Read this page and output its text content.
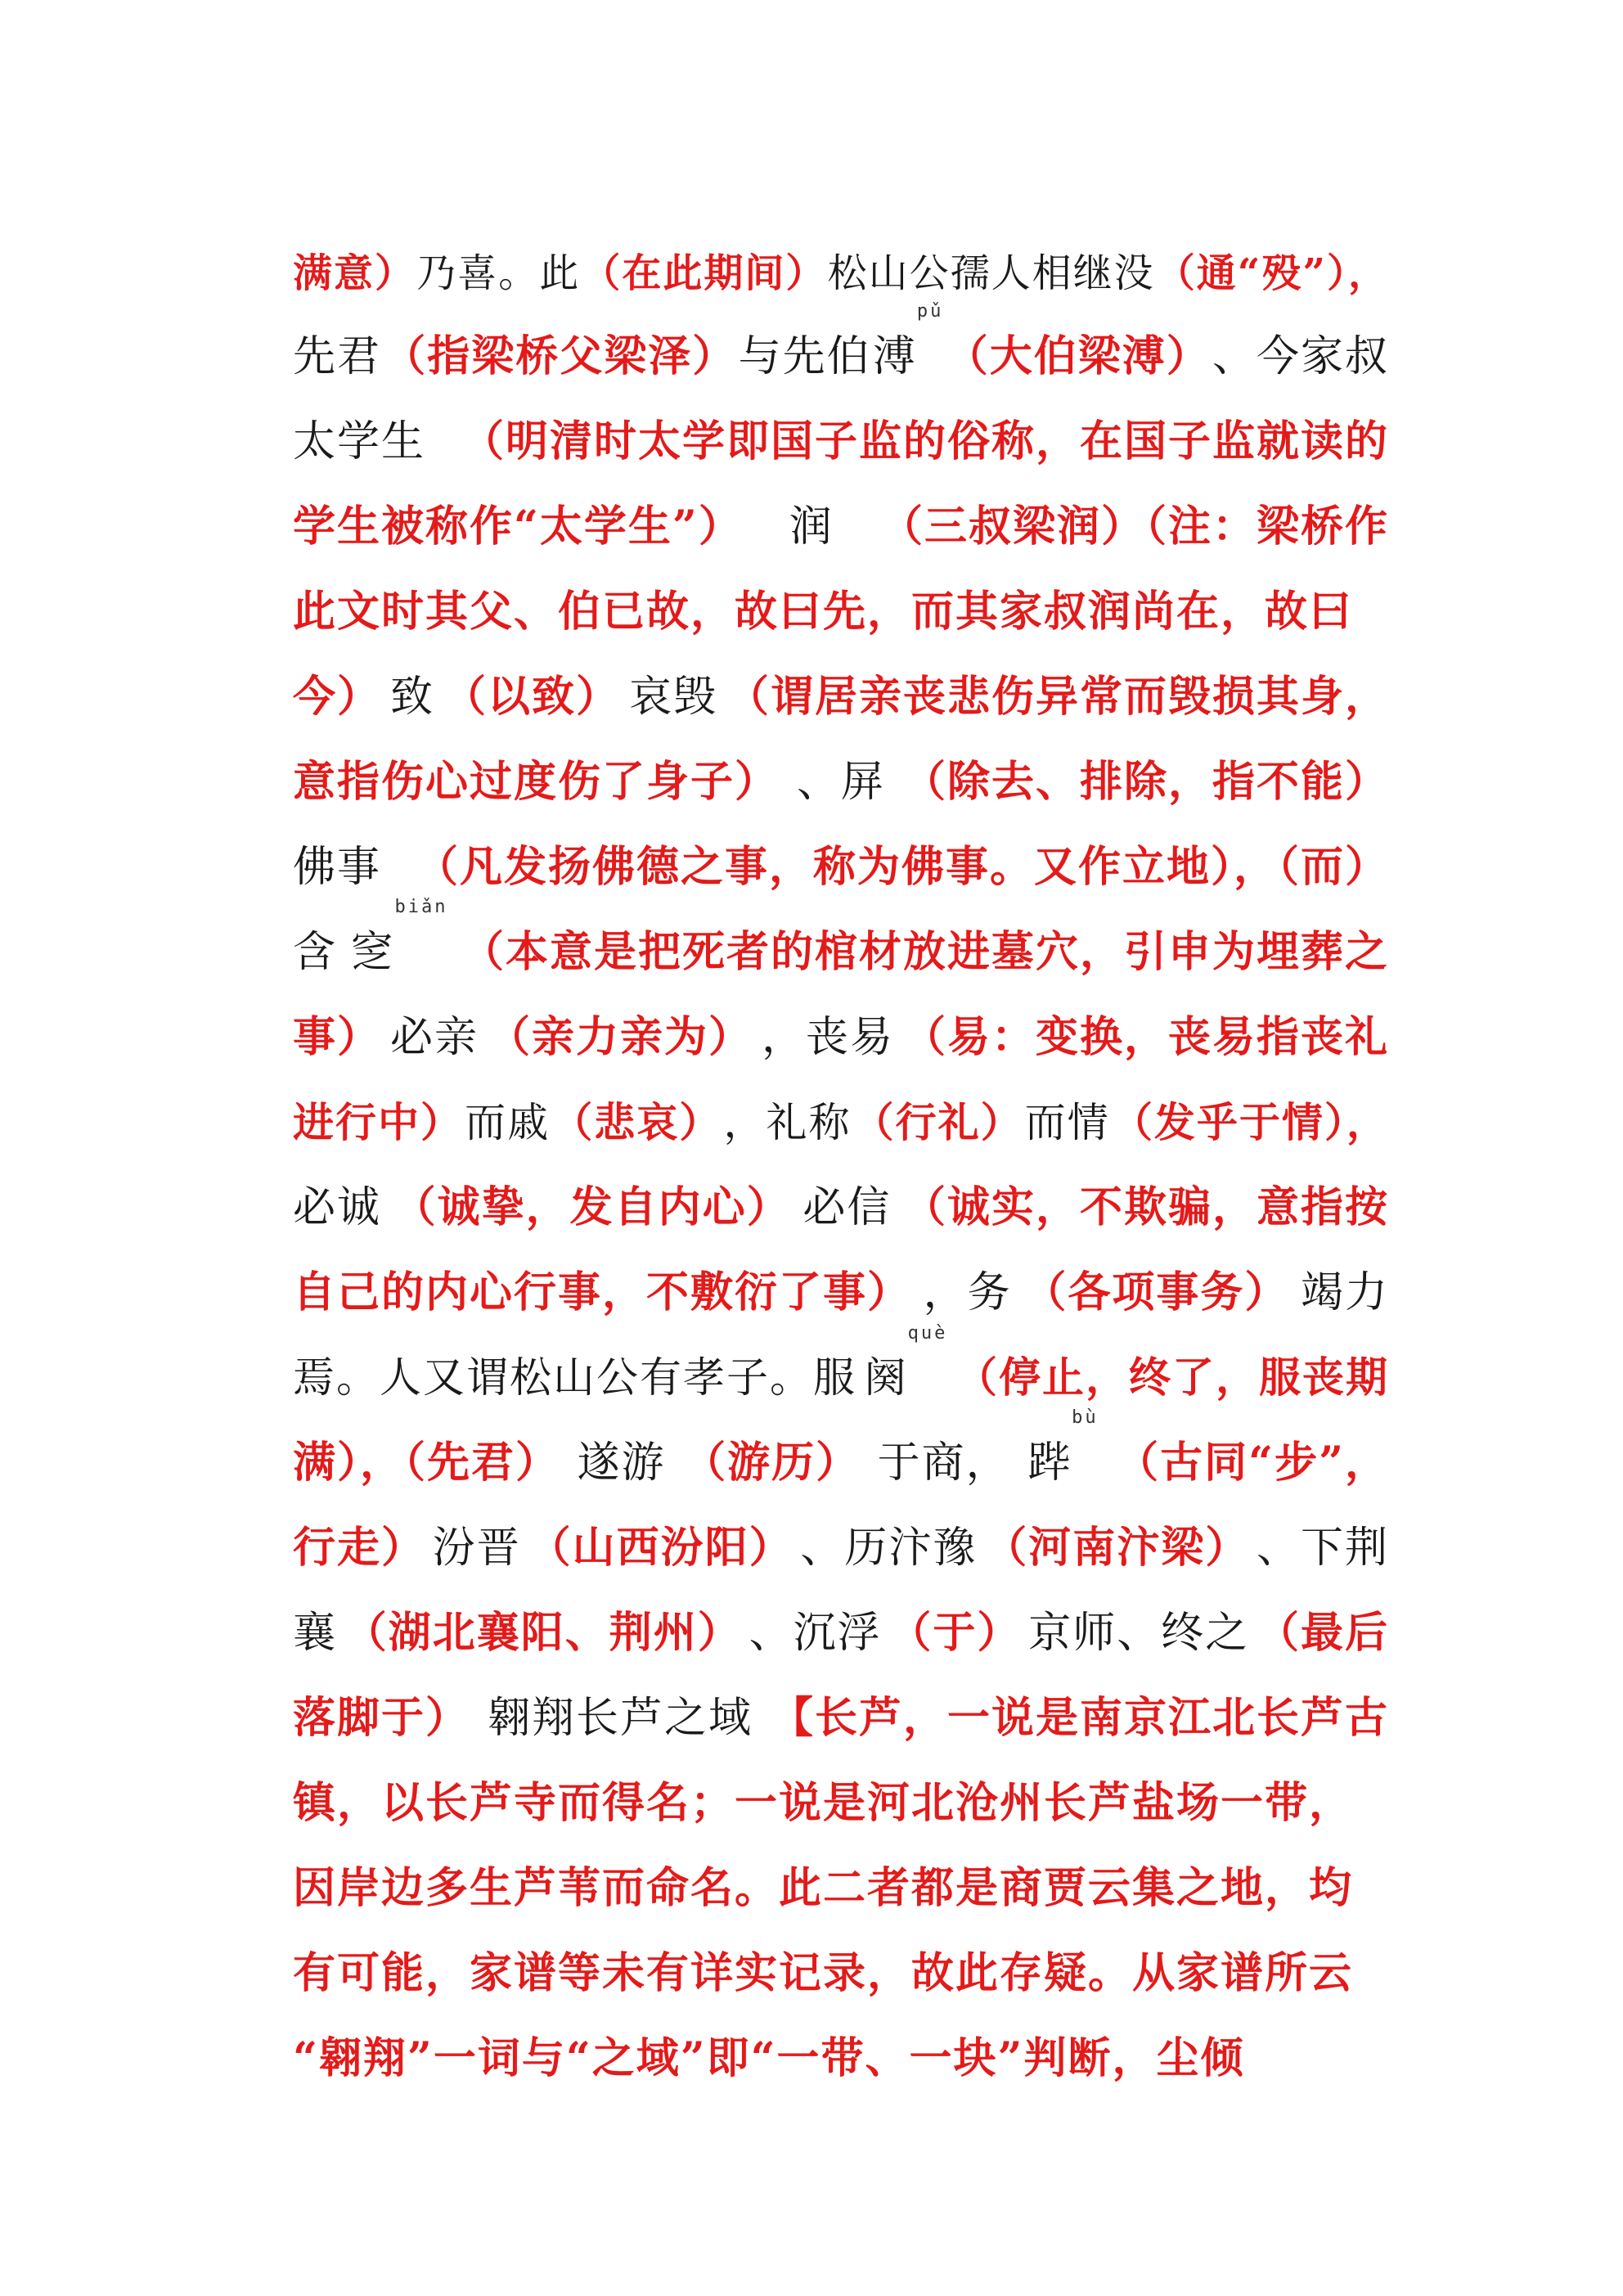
满意） 乃喜。此 （在此期间） 松山公孺人相继没 （通“殁”），
先君 （指梁桥父梁泽） 与先伯 溥pǔ
（大伯梁溥） 、今家叔
太学生 （明清时太学即国子监的俗称，在国子监就读的
学生被称作“太学生”） 润 （三叔梁润）（注：梁桥作
此文时其父、伯已故，故曰先，而其家叔润尚在，故曰
今） 致 （以致） 哀毁 （谓居亲丧悲伤异常而毁损其身，
意指伤心过度伤了身子） 、屏 （除去、排除，指不能）
佛事 （凡发扬佛德之事，称为佛事。又作立地），（而）
含 窆biǎn
（本意是把死者的棺材放进墓穴，引申为埋葬之
事） 必亲 （亲力亲为） ，丧易 （易：变换，丧易指丧礼
进行中） 而戚 （悲哀） ，礼称 （行礼） 而情 （发乎于情），
必诚 （诚挚，发自内心） 必信 （诚实，不欺骗，意指按
自己的内心行事，不敷衍了事） ，务 （各项事务） 竭力
焉。人又谓松山公有孝子。服 阕què
（停止，终了，服丧期
满），（先君） 遂游 （游历） 于商， 跸bù
（古同“步”，
行走） 汾晋 （山西汾阳） 、历汴豫 （河南汴梁） 、下荆
襄 （湖北襄阳、荆州） 、沉浮 （于） 京师、终之 （最后
落脚于） 翱翔长芦之域 【长芦，一说是南京江北长芦古
镇，以长芦寺而得名；一说是河北沧州长芦盐场一带，
因岸边多生芦苇而命名。此二者都是商贾云集之地，均
有可能，家谱等未有详实记录，故此存疑。从家谱所云
“翱翔”一词与“之域”即“一带、一块”判断，尘倾
